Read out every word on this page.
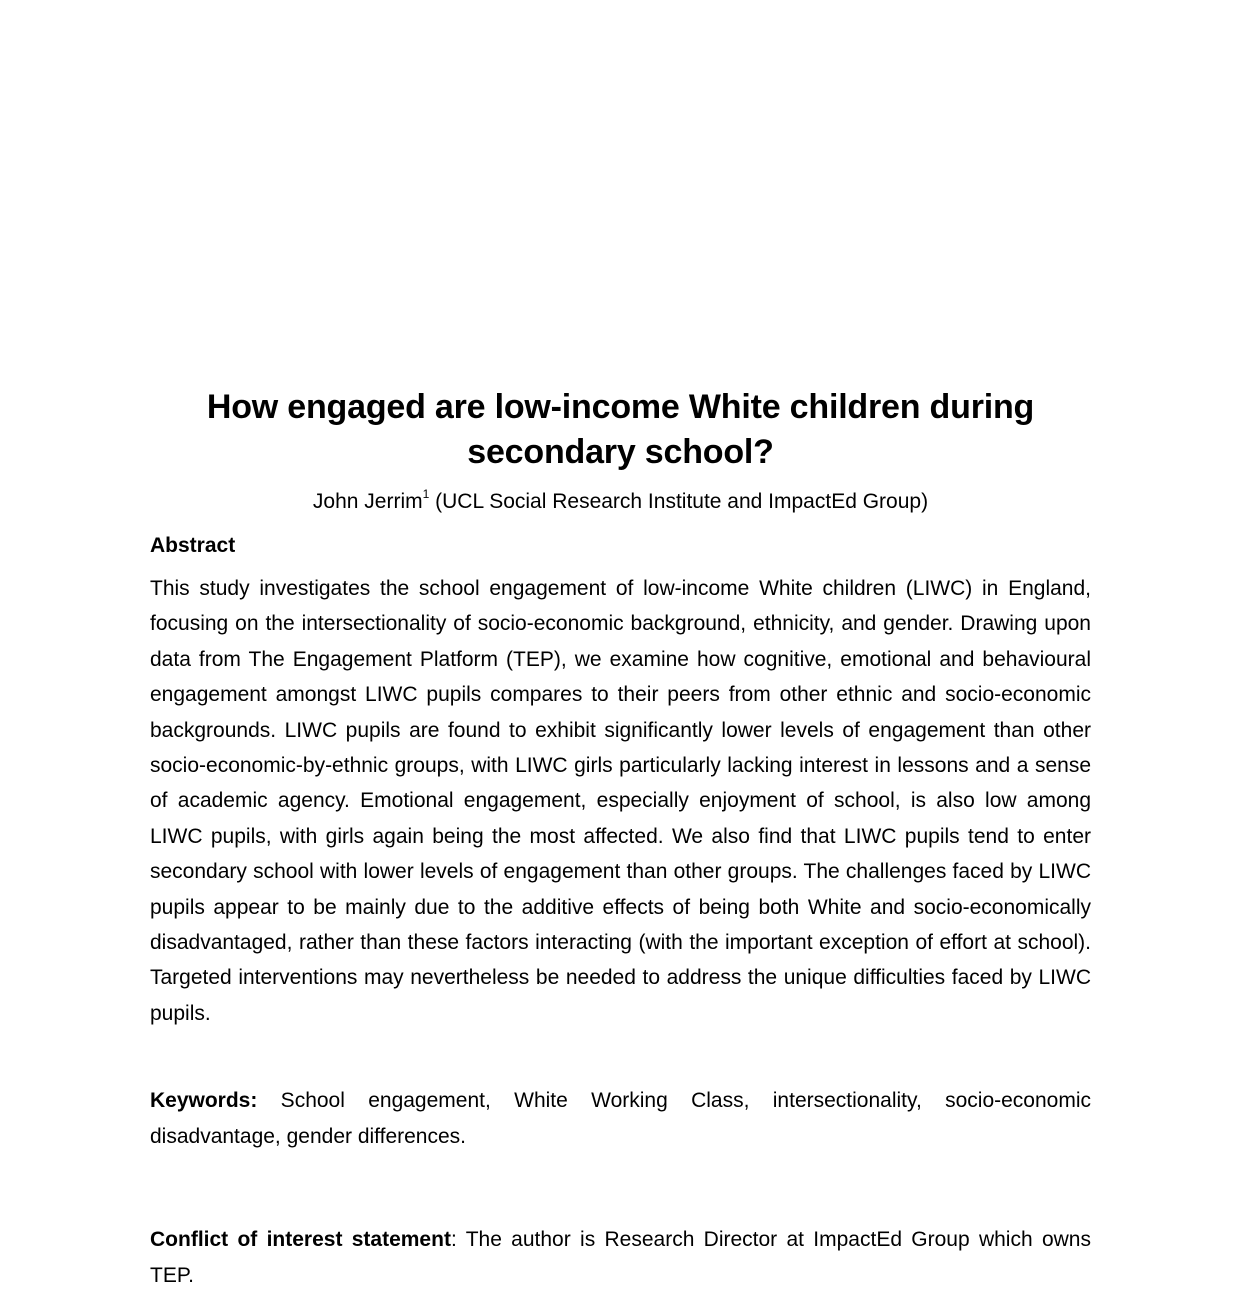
How engaged are low-income White children during secondary school?
John Jerrim$^1$ (UCL Social Research Institute and ImpactEd Group)
Abstract

This study investigates the school engagement of low-income White children (LIWC) in England, focusing on the intersectionality of socio-economic background, ethnicity, and gender. Drawing upon data from The Engagement Platform (TEP), we examine how cognitive, emotional and behavioural engagement amongst LIWC pupils compares to their peers from other ethnic and socio-economic backgrounds. LIWC pupils are found to exhibit significantly lower levels of engagement than other socio-economic-by-ethnic groups, with LIWC girls particularly lacking interest in lessons and a sense of academic agency. Emotional engagement, especially enjoyment of school, is also low among LIWC pupils, with girls again being the most affected. We also find that LIWC pupils tend to enter secondary school with lower levels of engagement than other groups. The challenges faced by LIWC pupils appear to be mainly due to the additive effects of being both White and socio-economically disadvantaged, rather than these factors interacting (with the important exception of effort at school). Targeted interventions may nevertheless be needed to address the unique difficulties faced by LIWC pupils.

Keywords: School engagement, White Working Class, intersectionality, socio-economic disadvantage, gender differences.

Conflict of interest statement: The author is Research Director at ImpactEd Group which owns TEP.
